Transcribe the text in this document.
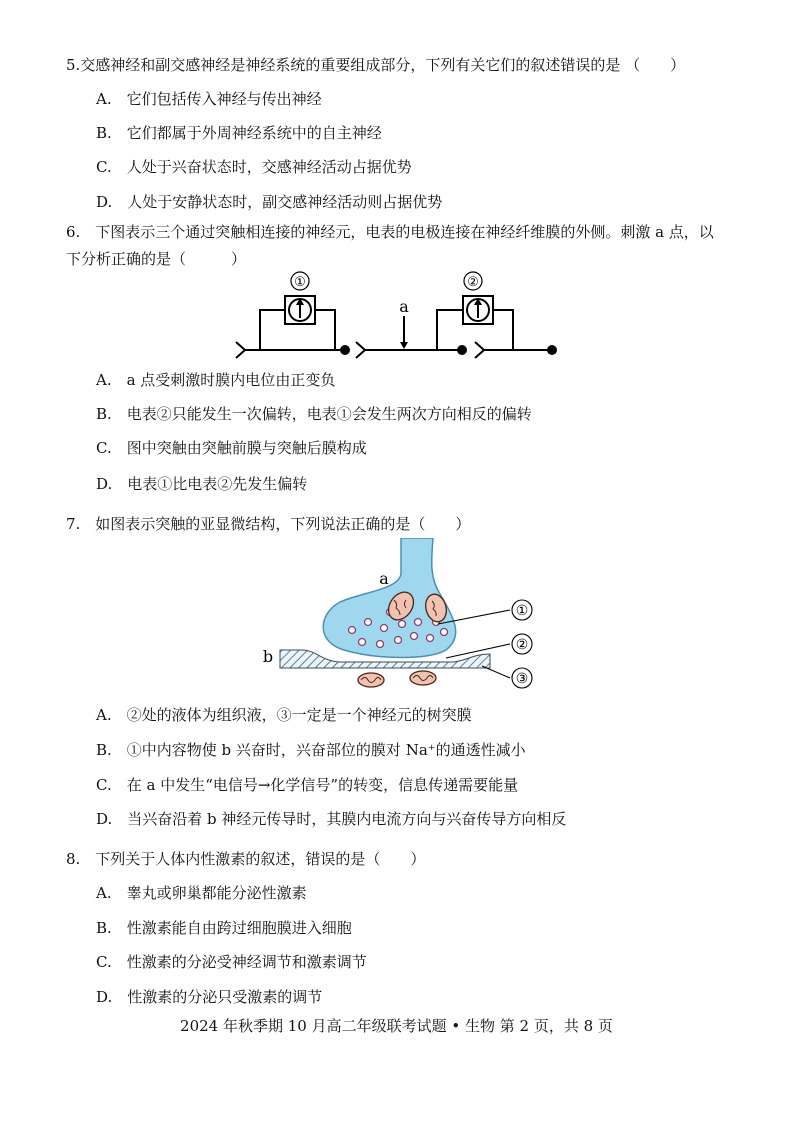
5.交感神经和副交感神经是神经系统的重要组成部分，下列有关它们的叙述错误的是 （　　）
A.　它们包括传入神经与传出神经
B.　它们都属于外周神经系统中的自主神经
C.　人处于兴奋状态时，交感神经活动占据优势
D.　人处于安静状态时，副交感神经活动则占据优势
6.　下图表示三个通过突触相连接的神经元，电表的电极连接在神经纤维膜的外侧。刺激 a 点，以
下分析正确的是（　　　）
①	②
a
A.　a 点受刺激时膜内电位由正变负
B.　电表②只能发生一次偏转，电表①会发生两次方向相反的偏转
C.　图中突触由突触前膜与突触后膜构成
D.　电表①比电表②先发生偏转
7.　如图表示突触的亚显微结构，下列说法正确的是（　　）
①
②
③
a
b
A.　②处的液体为组织液，③一定是一个神经元的树突膜
B.　①中内容物使 b 兴奋时，兴奋部位的膜对 Na⁺的通透性减小
C.　在 a 中发生“电信号→化学信号”的转变，信息传递需要能量
D.　当兴奋沿着 b 神经元传导时，其膜内电流方向与兴奋传导方向相反
8.　下列关于人体内性激素的叙述，错误的是（　　）
A.　睾丸或卵巢都能分泌性激素
B.　性激素能自由跨过细胞膜进入细胞
C.　性激素的分泌受神经调节和激素调节
D.　性激素的分泌只受激素的调节
2024 年秋季期 10 月高二年级联考试题 • 生物 第 2 页，共 8 页
